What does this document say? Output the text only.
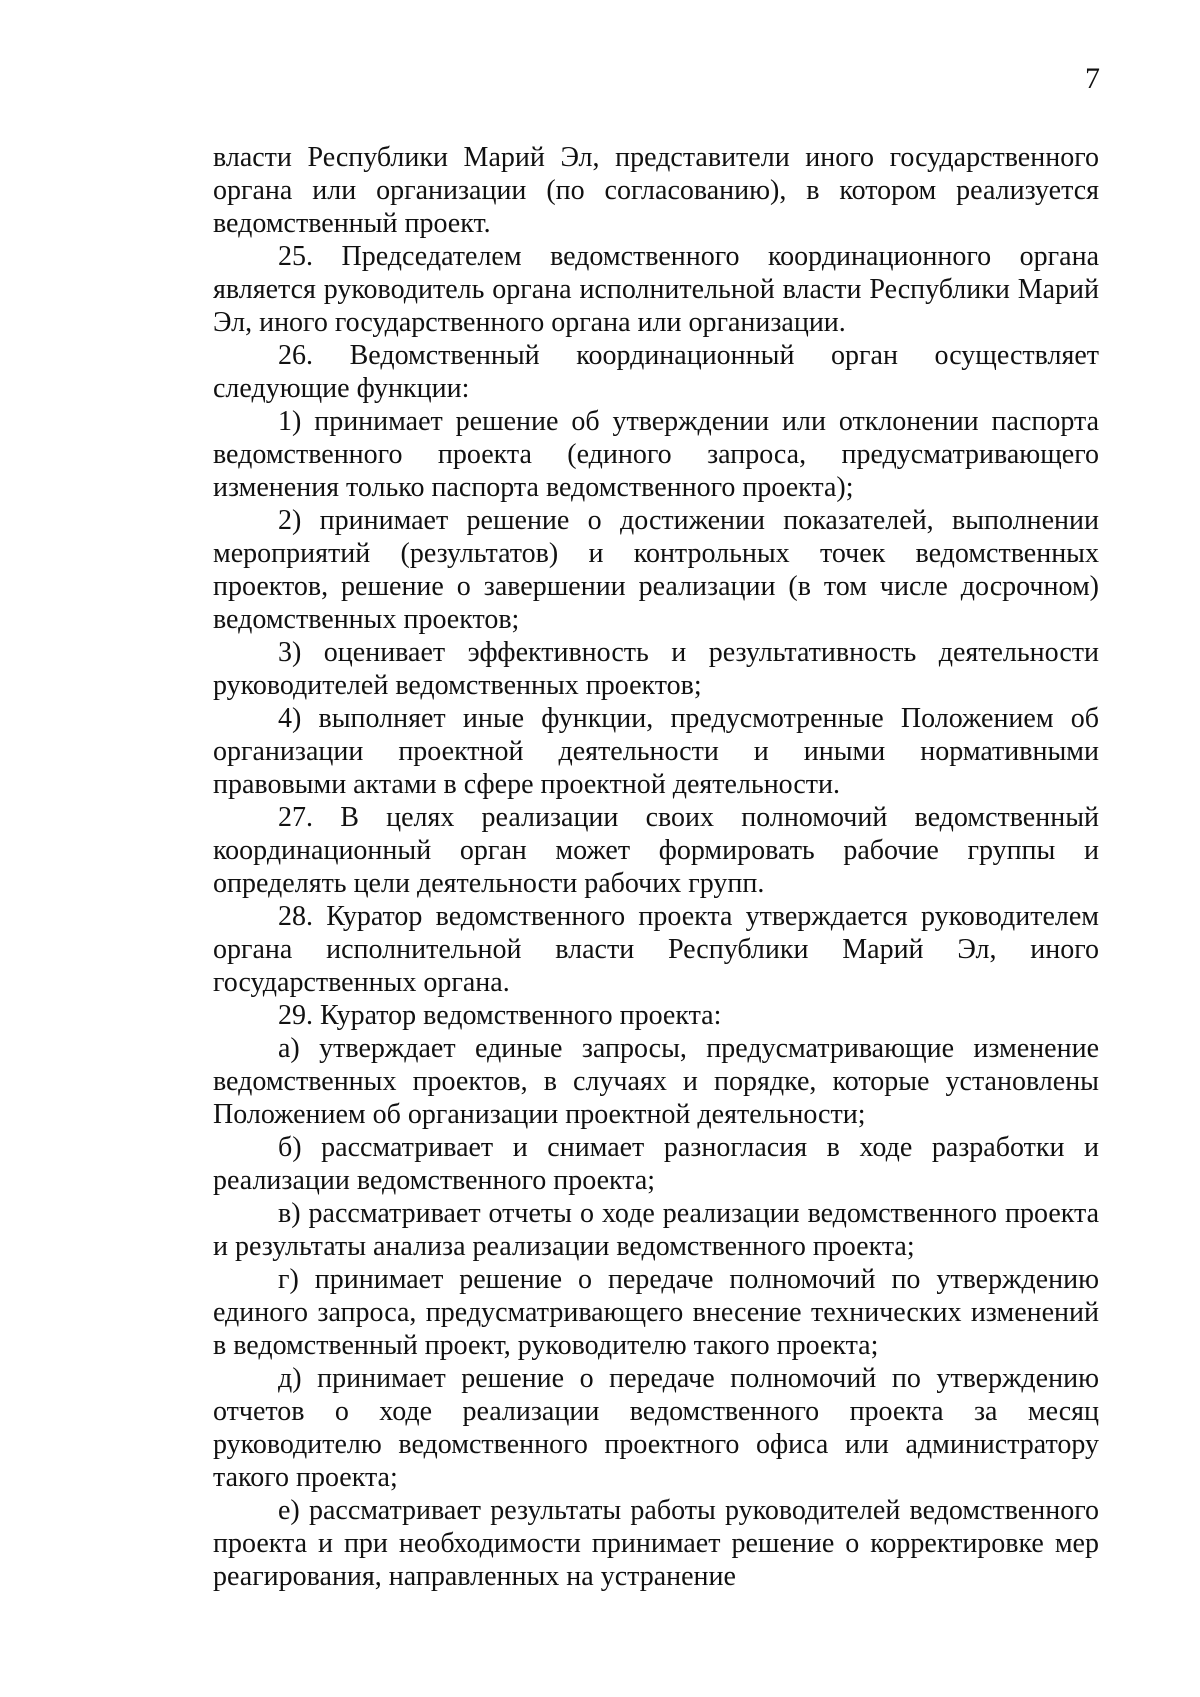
7

власти Республики Марий Эл, представители иного государственного органа или организации (по согласованию), в котором реализуется ведомственный проект.

25. Председателем ведомственного координационного органа является руководитель органа исполнительной власти Республики Марий Эл, иного государственного органа или организации.

26. Ведомственный координационный орган осуществляет следующие функции:

1) принимает решение об утверждении или отклонении паспорта ведомственного проекта (единого запроса, предусматривающего изменения только паспорта ведомственного проекта);

2) принимает решение о достижении показателей, выполнении мероприятий (результатов) и контрольных точек ведомственных проектов, решение о завершении реализации (в том числе досрочном) ведомственных проектов;

3) оценивает эффективность и результативность деятельности руководителей ведомственных проектов;

4) выполняет иные функции, предусмотренные Положением об организации проектной деятельности и иными нормативными правовыми актами в сфере проектной деятельности.

27. В целях реализации своих полномочий ведомственный координационный орган может формировать рабочие группы и определять цели деятельности рабочих групп.

28. Куратор ведомственного проекта утверждается руководителем органа исполнительной власти Республики Марий Эл, иного государственных органа.

29. Куратор ведомственного проекта:

а) утверждает единые запросы, предусматривающие изменение ведомственных проектов, в случаях и порядке, которые установлены Положением об организации проектной деятельности;

б) рассматривает и снимает разногласия в ходе разработки и реализации ведомственного проекта;

в) рассматривает отчеты о ходе реализации ведомственного проекта и результаты анализа реализации ведомственного проекта;

г) принимает решение о передаче полномочий по утверждению единого запроса, предусматривающего внесение технических изменений в ведомственный проект, руководителю такого проекта;

д) принимает решение о передаче полномочий по утверждению отчетов о ходе реализации ведомственного проекта за месяц руководителю ведомственного проектного офиса или администратору такого проекта;

е) рассматривает результаты работы руководителей ведомственного проекта и при необходимости принимает решение о корректировке мер реагирования, направленных на устранение
